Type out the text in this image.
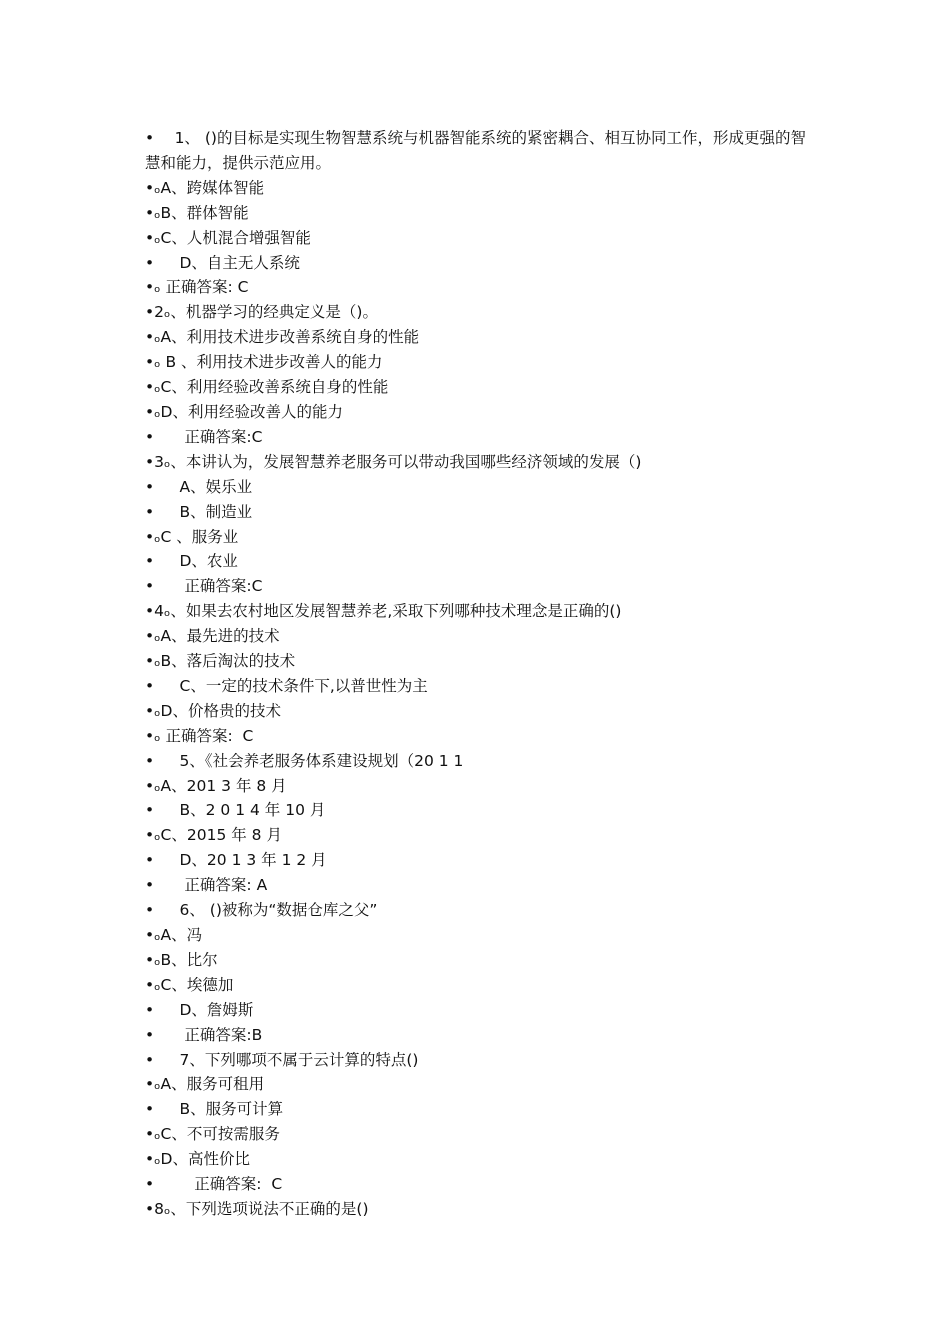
•　 1、 ()的目标是实现生物智慧系统与机器智能系统的紧密耦合、相互协同工作，形成更强的智慧和能力，提供示范应用。

•ₒA、跨媒体智能

•ₒB、群体智能

•ₒC、人机混合增强智能

•　  D、自主无人系统

•ₒ 正确答案: C

•2ₒ、机器学习的经典定义是（)。

•ₒA、利用技术进步改善系统自身的性能

•ₒ B 、利用技术进步改善人的能力

•ₒC、利用经验改善系统自身的性能

•ₒD、利用经验改善人的能力

•　   正确答案:C

•3ₒ、本讲认为，发展智慧养老服务可以带动我国哪些经济领域的发展（)

•　  A、娱乐业

•　  B、制造业

•ₒC 、服务业

•　  D、农业

•　   正确答案:C

•4ₒ、如果去农村地区发展智慧养老,采取下列哪种技术理念是正确的()

•ₒA、最先进的技术

•ₒB、落后淘汰的技术

•　  C、一定的技术条件下,以普世性为主

•ₒD、价格贵的技术

•ₒ 正确答案:  C

•　  5、《社会养老服务体系建设规划（20 1 1

•ₒA、201 3 年 8 月

•　  B、2 0 1 4 年 10 月

•ₒC、2015 年 8 月

•　  D、20 1 3 年 1 2 月

•　   正确答案: A

•　  6、 ()被称为“数据仓库之父”

•ₒA、冯

•ₒB、比尔

•ₒC、埃德加

•　  D、詹姆斯

•　   正确答案:B

•　  7、下列哪项不属于云计算的特点()

•ₒA、服务可租用

•　  B、服务可计算

•ₒC、不可按需服务

•ₒD、高性价比

•　     正确答案:  C

•8ₒ、下列选项说法不正确的是()
